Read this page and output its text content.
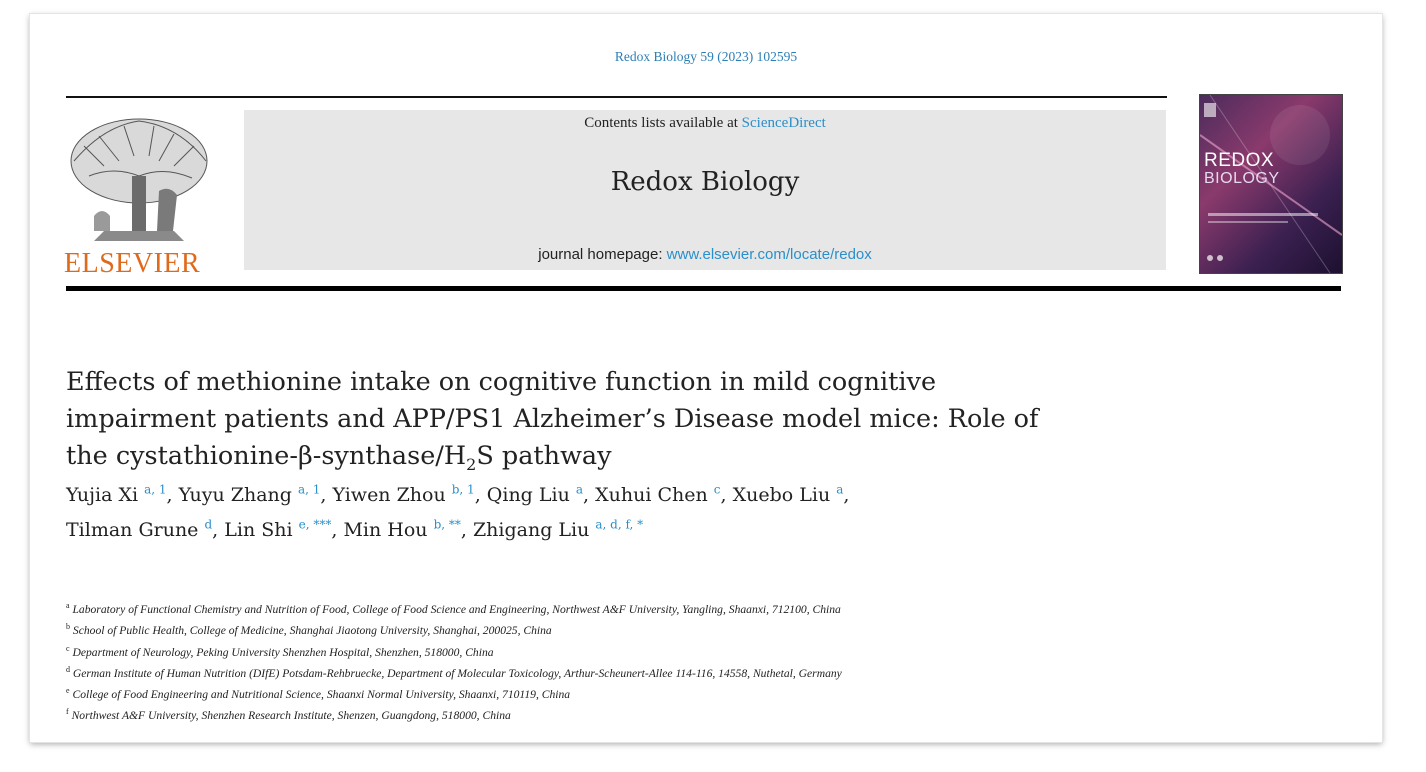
Redox Biology 59 (2023) 102595
ELSEVIER
Contents lists available at ScienceDirect
Redox Biology
journal homepage: www.elsevier.com/locate/redox
REDOX
BIOLOGY
Effects of methionine intake on cognitive function in mild cognitive
impairment patients and APP/PS1 Alzheimer’s Disease model mice: Role of
the cystathionine-$\beta-synthase/H_2S$ pathway
Yujia Xi $^{a, 1}$, Yuyu Zhang $^{a, 1}$, Yiwen Zhou $^{b, 1}$, Qing Liu $^a$, Xuhui Chen $^c$, Xuebo Liu $^a$,
Tilman Grune $^d$, Lin Shi $^{e, ***}$, Min Hou $^{b, **}$, Zhigang Liu $^{a, d, f, *}$
$^a$ Laboratory of Functional Chemistry and Nutrition of Food, College of Food Science and Engineering, Northwest A&F University, Yangling, Shaanxi, 712100, China
$^b$ School of Public Health, College of Medicine, Shanghai Jiaotong University, Shanghai, 200025, China
$^c$ Department of Neurology, Peking University Shenzhen Hospital, Shenzhen, 518000, China
$^d$ German Institute of Human Nutrition (DIfE) Potsdam-Rehbruecke, Department of Molecular Toxicology, Arthur-Scheunert-Allee 114-116, 14558, Nuthetal, Germany
$^e$ College of Food Engineering and Nutritional Science, Shaanxi Normal University, Shaanxi, 710119, China
$^f$ Northwest A&F University, Shenzhen Research Institute, Shenzen, Guangdong, 518000, China
